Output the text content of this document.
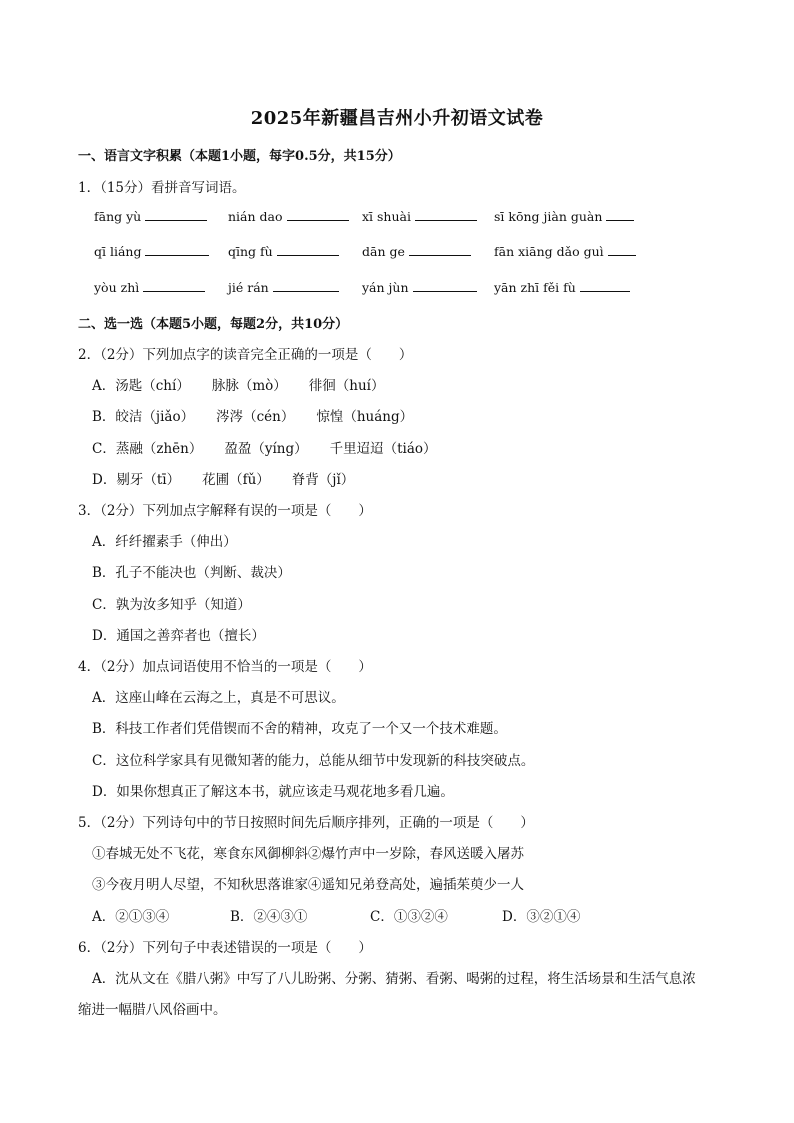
2025年新疆昌吉州小升初语文试卷
一、语言文字积累（本题1小题，每字0.5分，共15分）
1．（15分）看拼音写词语。
fāng yù	nián dao	xī shuài	sī kōng jiàn guàn
qī liáng	qīng fù	dān ge	fān xiāng dǎo guì
yòu zhì	jié rán	yán jùn	yān zhī fěi fù
二、选一选（本题5小题，每题2分，共10分）
2．（2分）下列加点字的读音完全正确的一项是（　　）
A．汤匙（chí） 脉脉（mò） 徘徊（huí）
B．皎洁（jiǎo） 涔涔（cén） 惊惶（huáng）
C．蒸融（zhēn） 盈盈（yíng） 千里迢迢（tiáo）
D．剔牙（tī） 花圃（fǔ） 脊背（jǐ）
3．（2分）下列加点字解释有误的一项是（　　）
A．纤纤擢素手（伸出）
B．孔子不能决也（判断、裁决）
C．孰为汝多知乎（知道）
D．通国之善弈者也（擅长）
4．（2分）加点词语使用不恰当的一项是（　　）
A．这座山峰在云海之上，真是不可思议。
B．科技工作者们凭借锲而不舍的精神，攻克了一个又一个技术难题。
C．这位科学家具有见微知著的能力，总能从细节中发现新的科技突破点。
D．如果你想真正了解这本书，就应该走马观花地多看几遍。
5．（2分）下列诗句中的节日按照时间先后顺序排列，正确的一项是（　　）
①春城无处不飞花，寒食东风御柳斜②爆竹声中一岁除，春风送暖入屠苏
③今夜月明人尽望，不知秋思落谁家④遥知兄弟登高处，遍插茱萸少一人
A．②①③④	B．②④③①	C．①③②④	D．③②①④
6．（2分）下列句子中表述错误的一项是（　　）
A．沈从文在《腊八粥》中写了八儿盼粥、分粥、猜粥、看粥、喝粥的过程，将生活场景和生活气息浓
缩进一幅腊八风俗画中。
